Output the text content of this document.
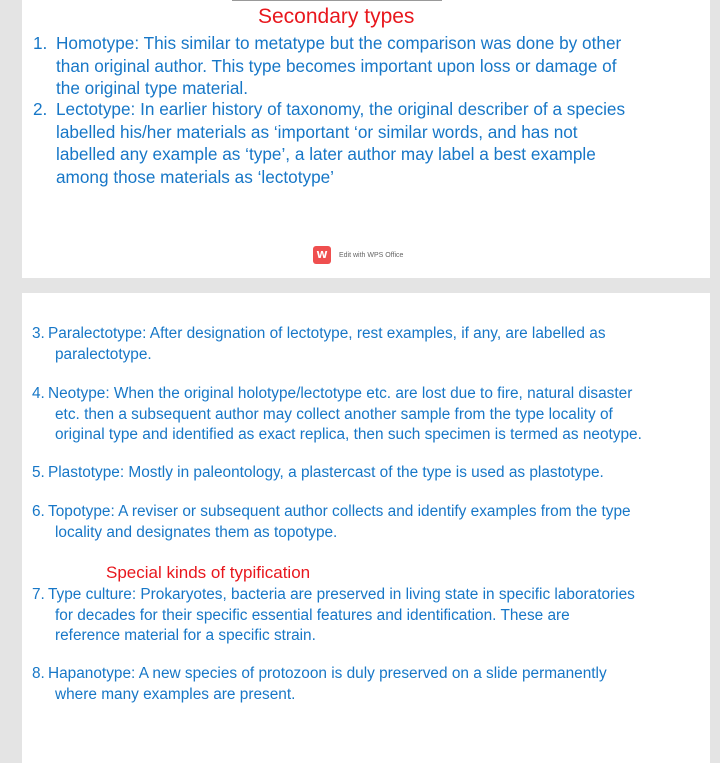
Secondary types
1. Homotype: This similar to metatype but the comparison was done by other
than original author. This type becomes important upon loss or damage of
the original type material.
2. Lectotype: In earlier history of taxonomy, the original describer of a species
labelled his/her materials as ‘important ‘or similar words, and has not
labelled any example as ‘type’, a later author may label a best example
among those materials as ‘lectotype’
W	Edit with WPS Office
3. Paralectotype: After designation of lectotype, rest examples, if any, are labelled as
paralectotype.
4. Neotype: When the original holotype/lectotype etc. are lost due to fire, natural disaster
etc. then a subsequent author may collect another sample from the type locality of
original type and identified as exact replica, then such specimen is termed as neotype.
5. Plastotype: Mostly in paleontology, a plastercast of the type is used as plastotype.
6. Topotype: A reviser or subsequent author collects and identify examples from the type
locality and designates them as topotype.
Special kinds of typification
7. Type culture: Prokaryotes, bacteria are preserved in living state in specific laboratories
for decades for their specific essential features and identification. These are
reference material for a specific strain.
8. Hapanotype: A new species of protozoon is duly preserved on a slide permanently
where many examples are present.
